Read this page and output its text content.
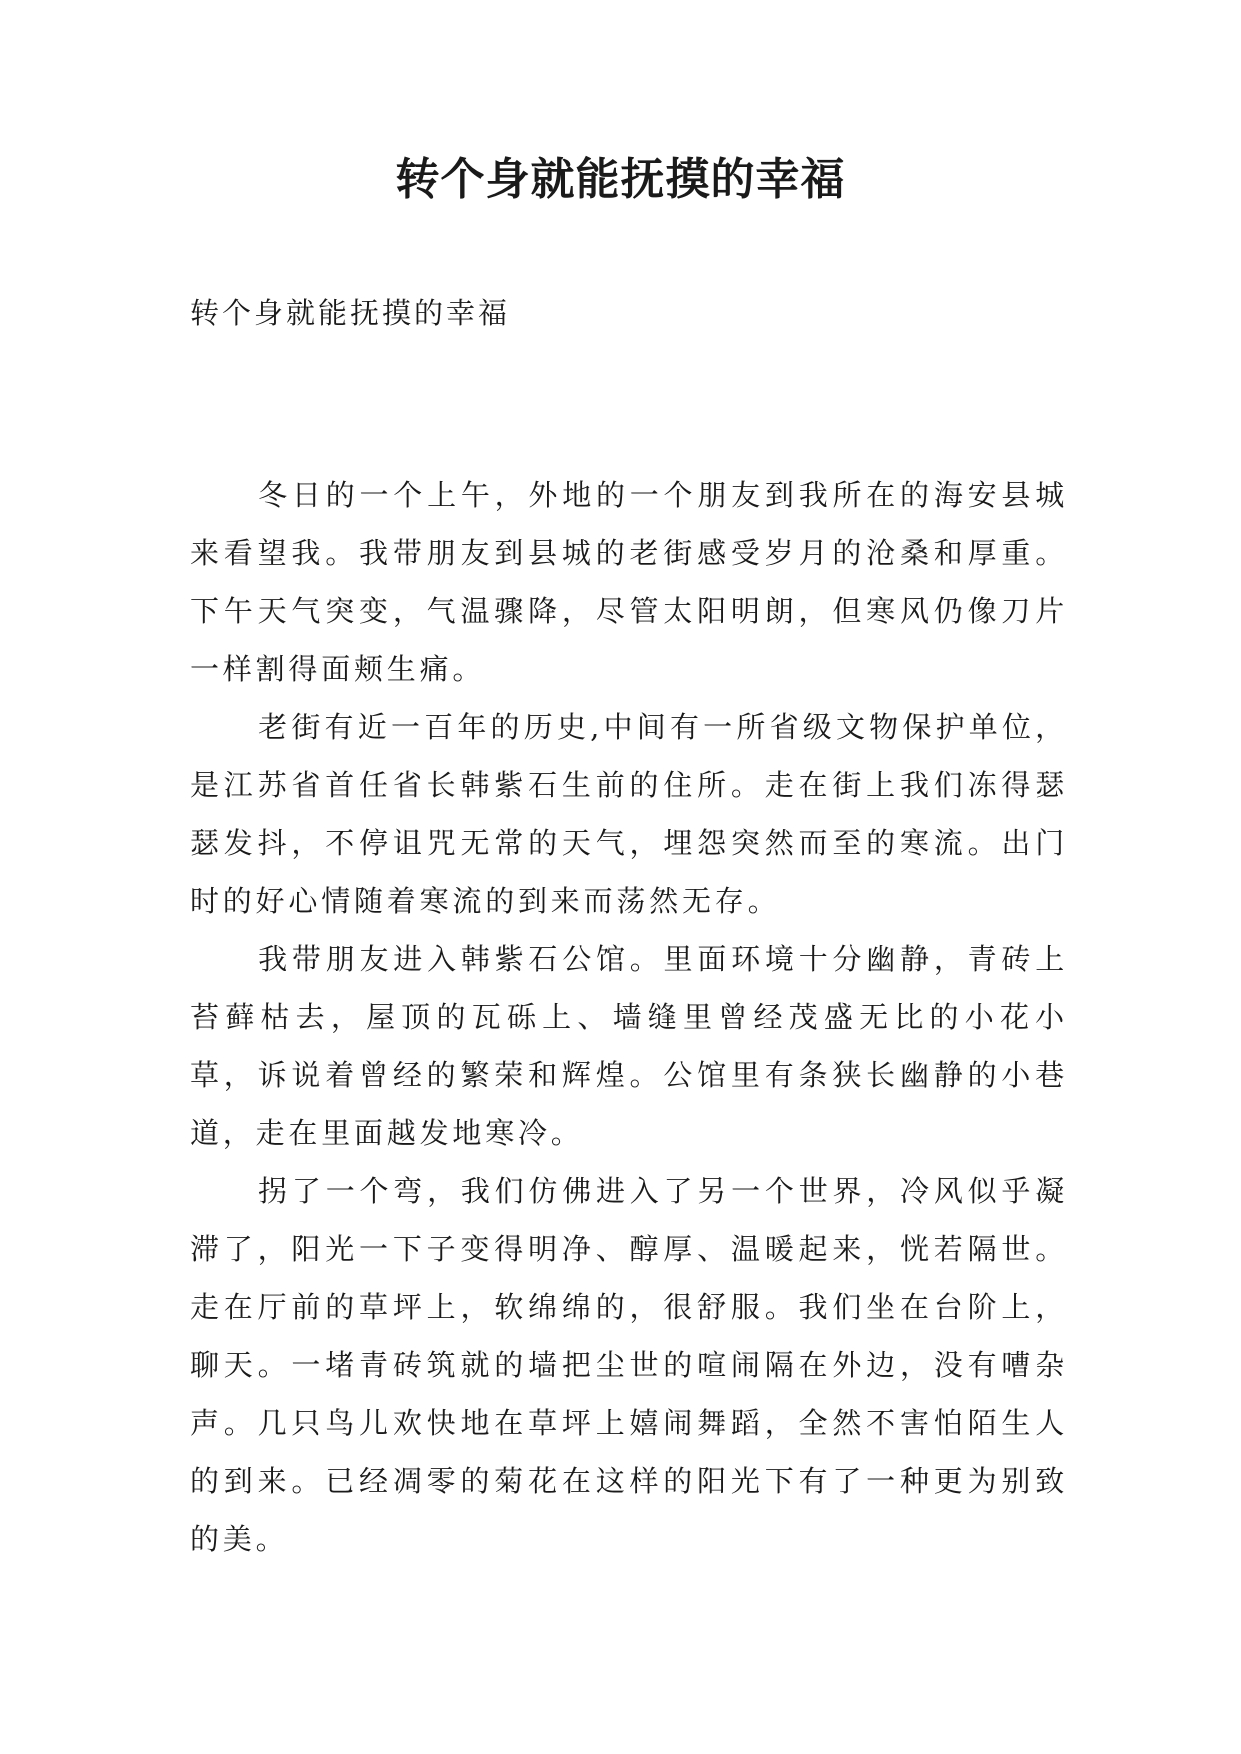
转个身就能抚摸的幸福

转个身就能抚摸的幸福

冬日的一个上午，外地的一个朋友到我所在的海安县城来看望我。我带朋友到县城的老街感受岁月的沧桑和厚重。下午天气突变，气温骤降，尽管太阳明朗，但寒风仍像刀片一样割得面颊生痛。

老街有近一百年的历史,中间有一所省级文物保护单位，是江苏省首任省长韩紫石生前的住所。走在街上我们冻得瑟瑟发抖，不停诅咒无常的天气，埋怨突然而至的寒流。出门时的好心情随着寒流的到来而荡然无存。

我带朋友进入韩紫石公馆。里面环境十分幽静，青砖上苔藓枯去，屋顶的瓦砾上、墙缝里曾经茂盛无比的小花小草，诉说着曾经的繁荣和辉煌。公馆里有条狭长幽静的小巷道，走在里面越发地寒冷。

拐了一个弯，我们仿佛进入了另一个世界，冷风似乎凝滞了，阳光一下子变得明净、醇厚、温暖起来，恍若隔世。走在厅前的草坪上，软绵绵的，很舒服。我们坐在台阶上，聊天。一堵青砖筑就的墙把尘世的喧闹隔在外边，没有嘈杂声。几只鸟儿欢快地在草坪上嬉闹舞蹈，全然不害怕陌生人的到来。已经凋零的菊花在这样的阳光下有了一种更为别致的美。
